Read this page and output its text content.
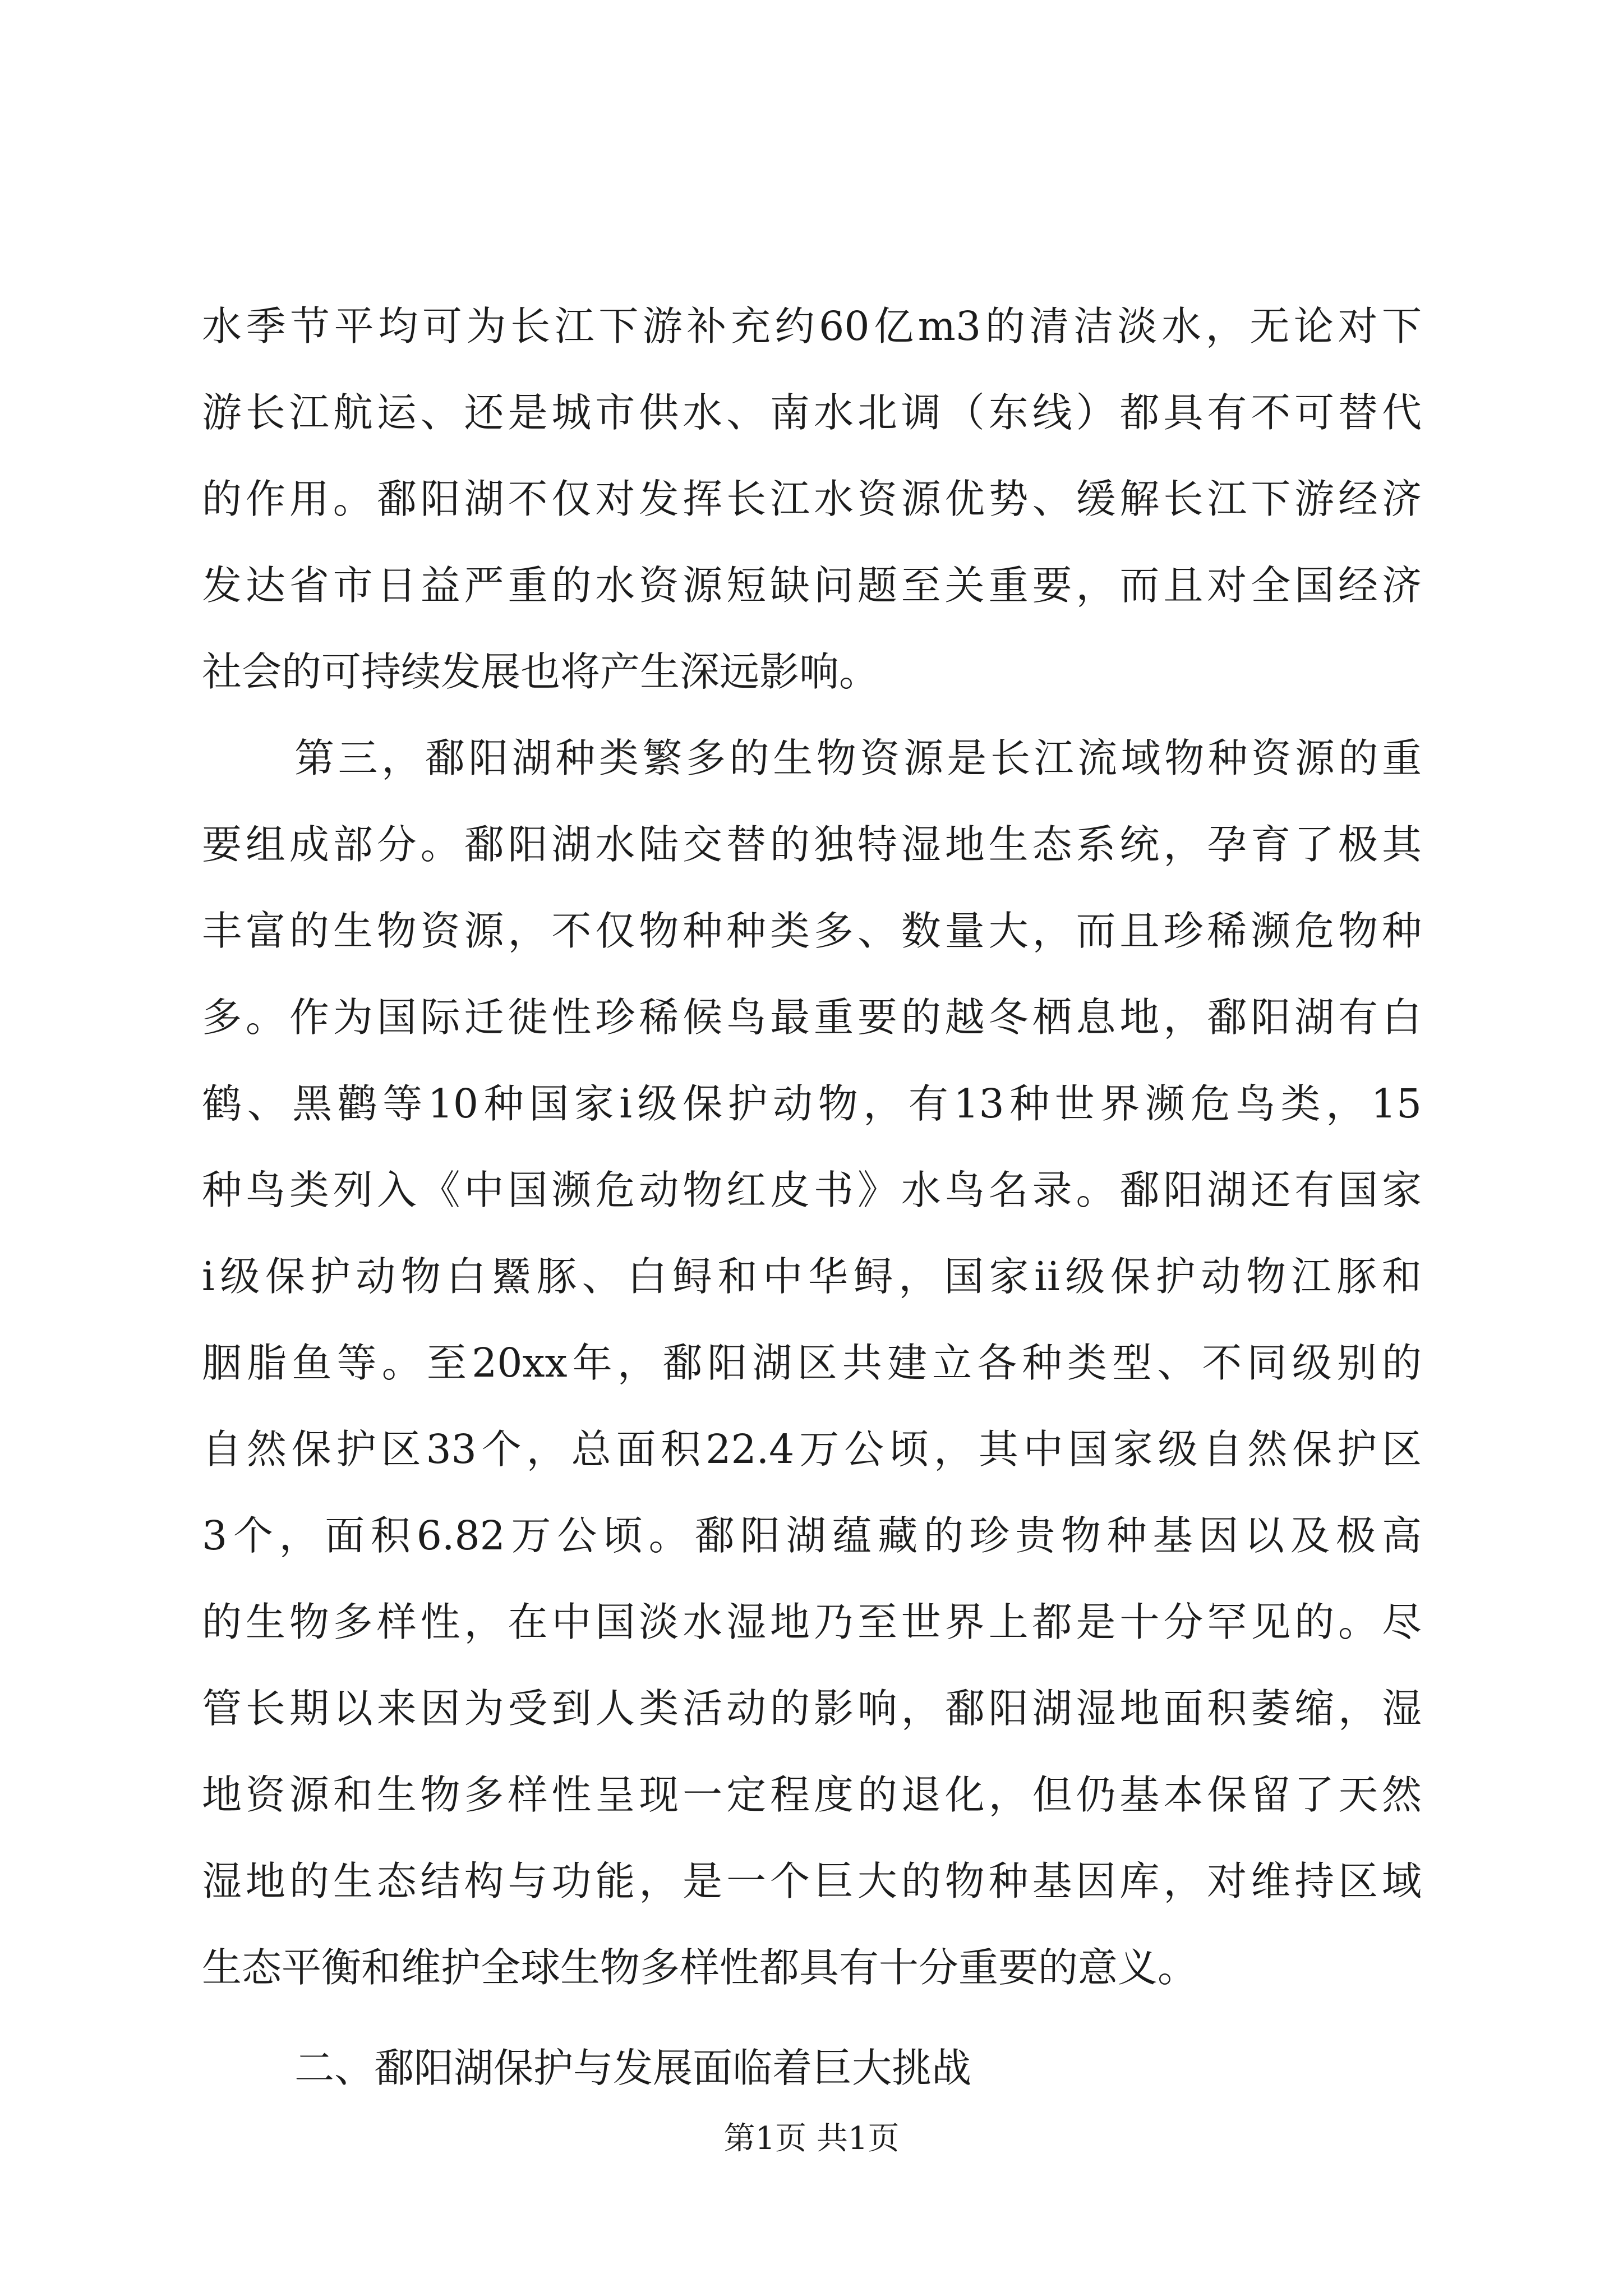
水季节平均可为长江下游补充约60亿m3的清洁淡水，无论对下
游长江航运、还是城市供水、南水北调（东线）都具有不可替代
的作用。鄱阳湖不仅对发挥长江水资源优势、缓解长江下游经济
发达省市日益严重的水资源短缺问题至关重要，而且对全国经济
社会的可持续发展也将产生深远影响。
第三，鄱阳湖种类繁多的生物资源是长江流域物种资源的重
要组成部分。鄱阳湖水陆交替的独特湿地生态系统，孕育了极其
丰富的生物资源，不仅物种种类多、数量大，而且珍稀濒危物种
多。作为国际迁徙性珍稀候鸟最重要的越冬栖息地，鄱阳湖有白
鹤、黑鹳等10种国家i级保护动物，有13种世界濒危鸟类，15
种鸟类列入《中国濒危动物红皮书》水鸟名录。鄱阳湖还有国家
i级保护动物白鱀豚、白鲟和中华鲟，国家ii级保护动物江豚和
胭脂鱼等。至20xx年，鄱阳湖区共建立各种类型、不同级别的
自然保护区33个，总面积22.4万公顷，其中国家级自然保护区
3个，面积6.82万公顷。鄱阳湖蕴藏的珍贵物种基因以及极高
的生物多样性，在中国淡水湿地乃至世界上都是十分罕见的。尽
管长期以来因为受到人类活动的影响，鄱阳湖湿地面积萎缩，湿
地资源和生物多样性呈现一定程度的退化，但仍基本保留了天然
湿地的生态结构与功能，是一个巨大的物种基因库，对维持区域
生态平衡和维护全球生物多样性都具有十分重要的意义。
二、鄱阳湖保护与发展面临着巨大挑战
第1页 共1页
